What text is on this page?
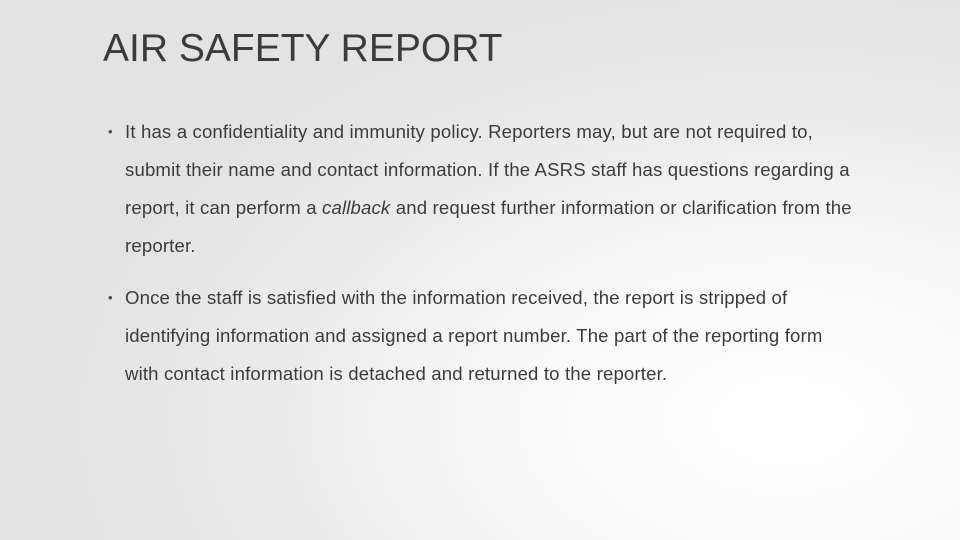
AIR SAFETY REPORT
• It has a confidentiality and immunity policy. Reporters may, but are not required to, submit their name and contact information. If the ASRS staff has questions regarding a report, it can perform a callback and request further information or clarification from the reporter.
• Once the staff is satisfied with the information received, the report is stripped of identifying information and assigned a report number. The part of the reporting form with contact information is detached and returned to the reporter.
